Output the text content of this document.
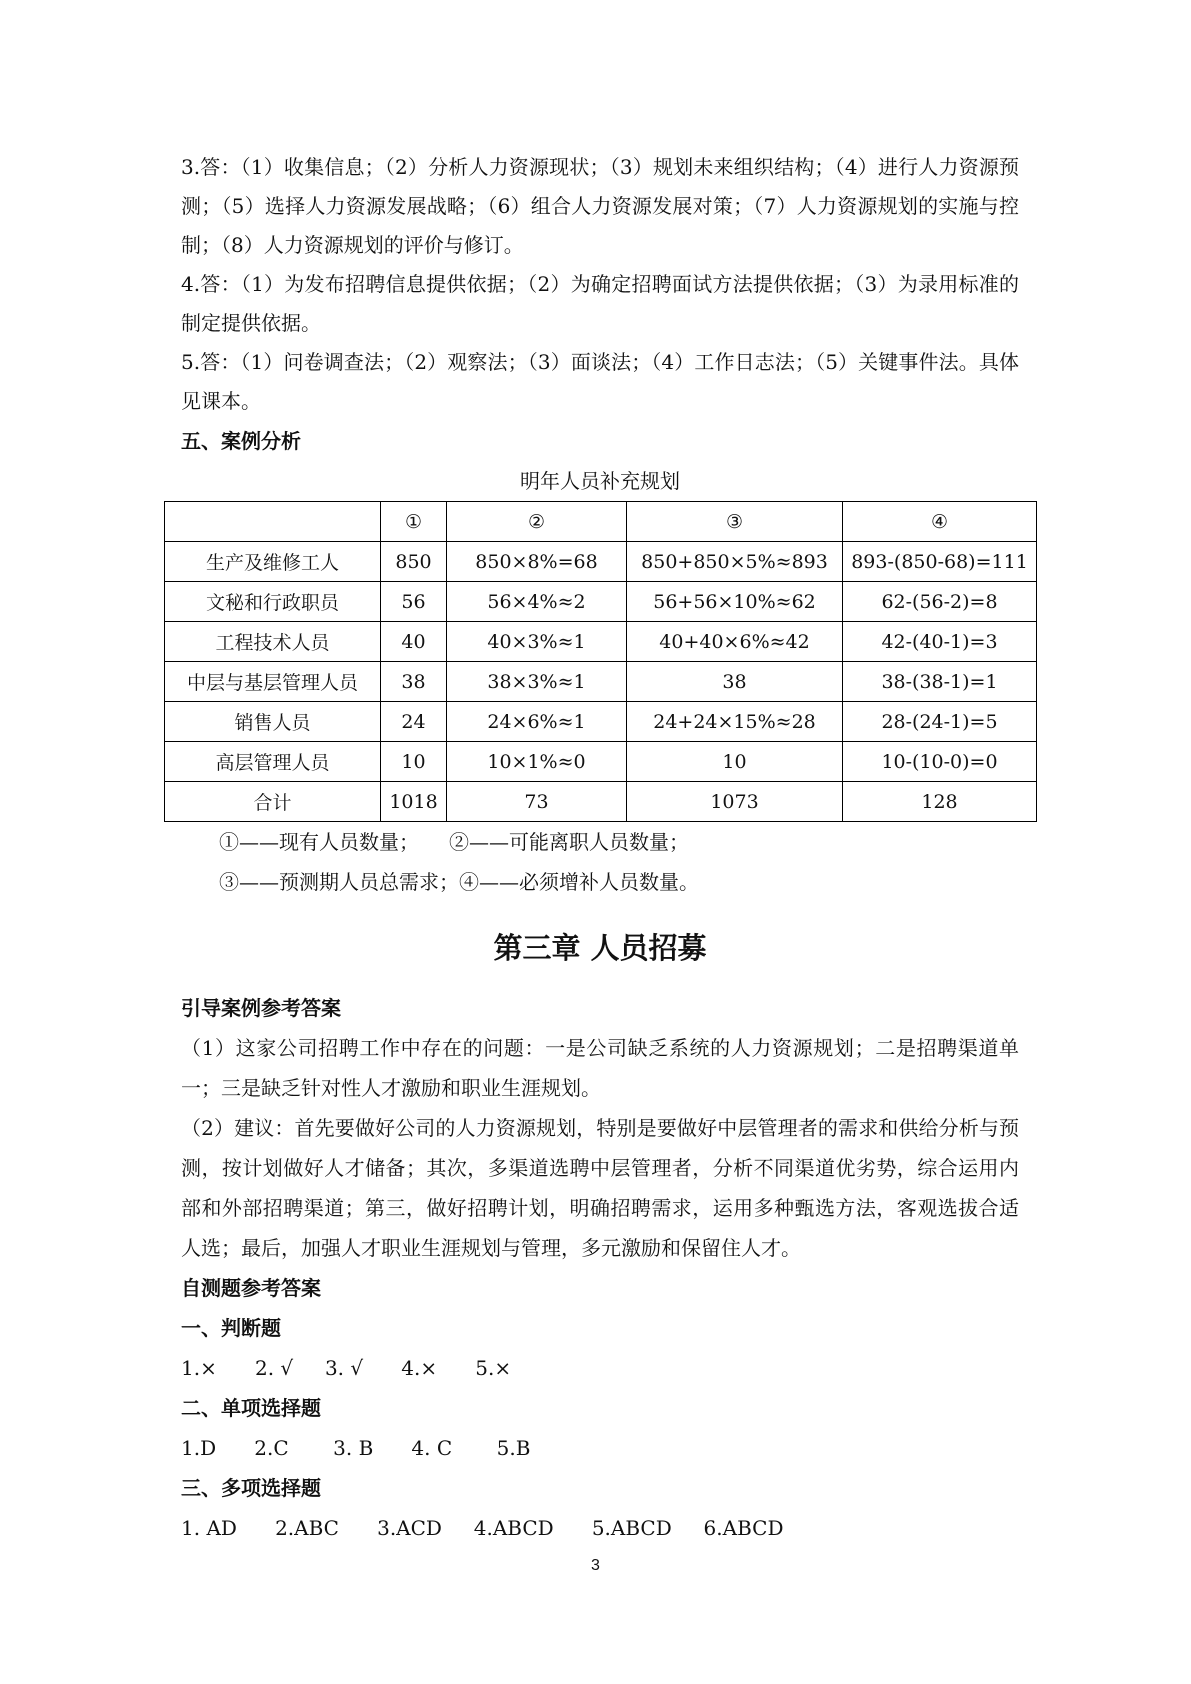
3.答：（1）收集信息；（2）分析人力资源现状；（3）规划未来组织结构；（4）进行人力资源预测；（5）选择人力资源发展战略；（6）组合人力资源发展对策；（7）人力资源规划的实施与控制；（8）人力资源规划的评价与修订。

4.答：（1）为发布招聘信息提供依据；（2）为确定招聘面试方法提供依据；（3）为录用标准的制定提供依据。

5.答：（1）问卷调查法；（2）观察法；（3）面谈法；（4）工作日志法；（5）关键事件法。具体见课本。

五、案例分析

明年人员补充规划

	①	②	③	④
生产及维修工人	850	850×8%=68	850+850×5%≈893	893-(850-68)=111
文秘和行政职员	56	56×4%≈2	56+56×10%≈62	62-(56-2)=8
工程技术人员	40	40×3%≈1	40+40×6%≈42	42-(40-1)=3
中层与基层管理人员	38	38×3%≈1	38	38-(38-1)=1
销售人员	24	24×6%≈1	24+24×15%≈28	28-(24-1)=5
高层管理人员	10	10×1%≈0	10	10-(10-0)=0
合计	1018	73	1073	128

①——现有人员数量； ②——可能离职人员数量；

③——预测期人员总需求；④——必须增补人员数量。

第三章 人员招募

引导案例参考答案

（1）这家公司招聘工作中存在的问题：一是公司缺乏系统的人力资源规划；二是招聘渠道单一；三是缺乏针对性人才激励和职业生涯规划。

（2）建议：首先要做好公司的人力资源规划，特别是要做好中层管理者的需求和供给分析与预测，按计划做好人才储备；其次，多渠道选聘中层管理者，分析不同渠道优劣势，综合运用内部和外部招聘渠道；第三，做好招聘计划，明确招聘需求，运用多种甄选方法，客观选拔合适人选；最后，加强人才职业生涯规划与管理，多元激励和保留住人才。

自测题参考答案

一、判断题

1.×      2. √     3. √      4.×      5.×

二、单项选择题

1.D      2.C       3. B      4. C       5.B

三、多项选择题

1. AD      2.ABC      3.ACD     4.ABCD      5.ABCD     6.ABCD

3
